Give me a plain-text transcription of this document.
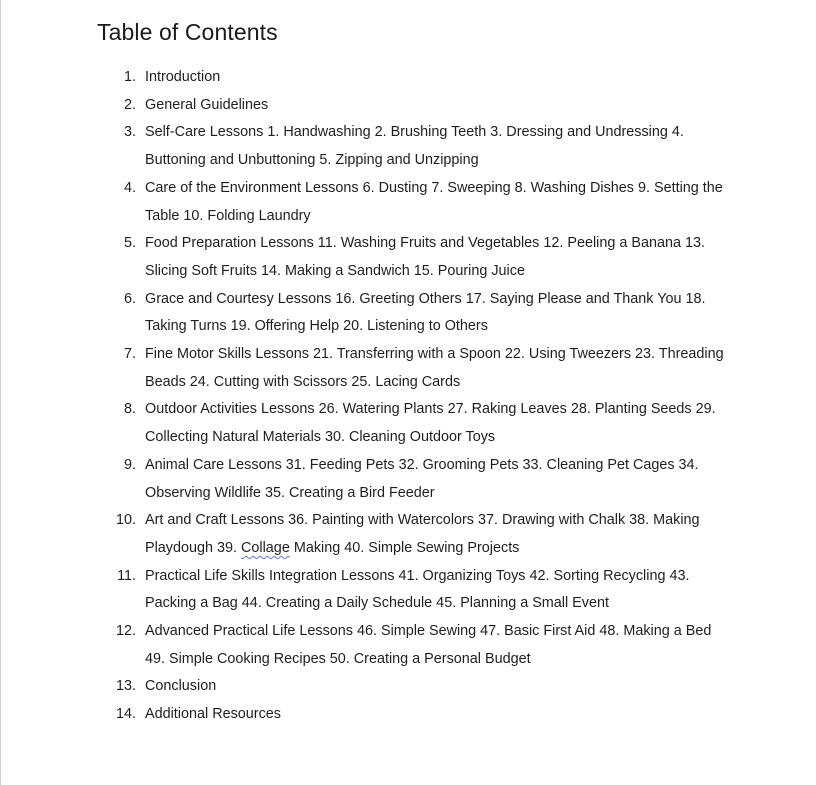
Table of Contents
1. Introduction
2. General Guidelines
3. Self-Care Lessons 1. Handwashing 2. Brushing Teeth 3. Dressing and Undressing 4. Buttoning and Unbuttoning 5. Zipping and Unzipping
4. Care of the Environment Lessons 6. Dusting 7. Sweeping 8. Washing Dishes 9. Setting the Table 10. Folding Laundry
5. Food Preparation Lessons 11. Washing Fruits and Vegetables 12. Peeling a Banana 13. Slicing Soft Fruits 14. Making a Sandwich 15. Pouring Juice
6. Grace and Courtesy Lessons 16. Greeting Others 17. Saying Please and Thank You 18. Taking Turns 19. Offering Help 20. Listening to Others
7. Fine Motor Skills Lessons 21. Transferring with a Spoon 22. Using Tweezers 23. Threading Beads 24. Cutting with Scissors 25. Lacing Cards
8. Outdoor Activities Lessons 26. Watering Plants 27. Raking Leaves 28. Planting Seeds 29. Collecting Natural Materials 30. Cleaning Outdoor Toys
9. Animal Care Lessons 31. Feeding Pets 32. Grooming Pets 33. Cleaning Pet Cages 34. Observing Wildlife 35. Creating a Bird Feeder
10. Art and Craft Lessons 36. Painting with Watercolors 37. Drawing with Chalk 38. Making Playdough 39. Collage Making 40. Simple Sewing Projects
11. Practical Life Skills Integration Lessons 41. Organizing Toys 42. Sorting Recycling 43. Packing a Bag 44. Creating a Daily Schedule 45. Planning a Small Event
12. Advanced Practical Life Lessons 46. Simple Sewing 47. Basic First Aid 48. Making a Bed 49. Simple Cooking Recipes 50. Creating a Personal Budget
13. Conclusion
14. Additional Resources
